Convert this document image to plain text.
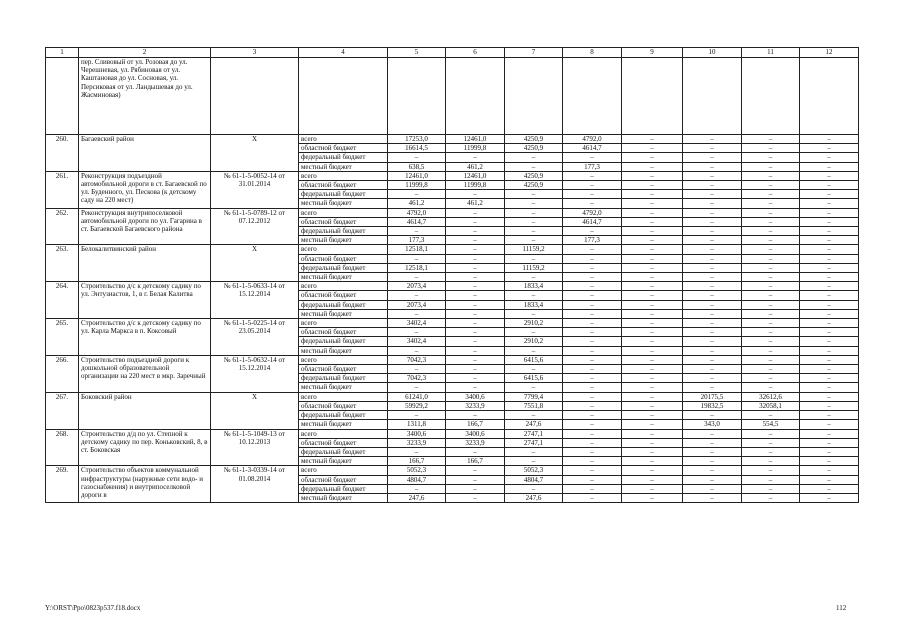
1	2	3	4	5	6	7	8	9	10	11	12
	пер. Сливовый от ул. Розовая до ул. Черешневая, ул. Рябиновая от ул. Каштановая до ул. Сосновая, ул. Персиковая от ул. Ландышевая до ул. Жасминовая)										
260.	Багаевский район	Х	всего	17253,0	12461,0	4250,9	4792,0	–	–	–	–
			областной бюджет	16614,5	11999,8	4250,9	4614,7	–	–	–	–
			федеральный бюджет	–	–	–	–	–	–	–	–
			местный бюджет	638,5	461,2	–	177,3	–	–	–	–
261.	Реконструкция подъездной автомобильной дороги в ст. Багаевской по ул. Буденного, ул. Пескова (к детскому саду на 220 мест)	№ 61-1-5-0052-14 от 31.01.2014	всего	12461,0	12461,0	4250,9	–	–	–	–	–
			областной бюджет	11999,8	11999,8	4250,9	–	–	–	–	–
			федеральный бюджет	–	–	–	–	–	–	–	–
			местный бюджет	461,2	461,2	–	–	–	–	–	–
262.	Реконструкция внутрипоселковой автомобильной дороги по ул. Гагарина в ст. Багаевской Багаевского района	№ 61-1-5-0789-12 от 07.12.2012	всего	4792,0	–	–	4792,0	–	–	–	–
			областной бюджет	4614,7	–	–	4614,7	–	–	–	–
			федеральный бюджет	–	–	–	–	–	–	–	–
			местный бюджет	177,3	–	–	177,3	–	–	–	–
263.	Белокалитвинский район	Х	всего	12518,1	–	11159,2	–	–	–	–	–
			областной бюджет	–	–	–	–	–	–	–	–
			федеральный бюджет	12518,1	–	11159,2	–	–	–	–	–
			местный бюджет	–	–	–	–	–	–	–	–
264.	Строительство д/с к детскому садику по ул. Энтузиастов, 1, в г. Белая Калитва	№ 61-1-5-0633-14 от 15.12.2014	всего	2073,4	–	1833,4	–	–	–	–	–
			областной бюджет	–	–	–	–	–	–	–	–
			федеральный бюджет	2073,4	–	1833,4	–	–	–	–	–
			местный бюджет	–	–	–	–	–	–	–	–
265.	Строительство д/с к детскому садику по ул. Карла Маркса в п. Коксовый	№ 61-1-5-0225-14 от 23.05.2014	всего	3402,4	–	2910,2	–	–	–	–	–
			областной бюджет	–	–	–	–	–	–	–	–
			федеральный бюджет	3402,4	–	2910,2	–	–	–	–	–
			местный бюджет	–	–	–	–	–	–	–	–
266.	Строительство подъездной дороги к дошкольной образовательной организации на 220 мест в мкр. Заречный	№ 61-1-5-0632-14 от 15.12.2014	всего	7042,3	–	6415,6	–	–	–	–	–
			областной бюджет	–	–	–	–	–	–	–	–
			федеральный бюджет	7042,3	–	6415,6	–	–	–	–	–
			местный бюджет	–	–	–	–	–	–	–	–
267.	Боковский район	Х	всего	61241,0	3400,6	7799,4	–	–	20175,5	32612,6	–
			областной бюджет	59929,2	3233,9	7551,8	–	–	19832,5	32058,1	–
			федеральный бюджет	–	–	–	–	–	–	–	–
			местный бюджет	1311,8	166,7	247,6	–	–	343,0	554,5	–
268.	Строительство д/д по ул. Степной к детскому садику по пер. Коньковский, 8, в ст. Боковская	№ 61-1-5-1049-13 от 10.12.2013	всего	3400,6	3400,6	2747,1	–	–	–	–	–
			областной бюджет	3233,9	3233,9	2747,1	–	–	–	–	–
			федеральный бюджет	–	–	–	–	–	–	–	–
			местный бюджет	166,7	166,7	–	–	–	–	–	–
269.	Строительство объектов коммунальной инфраструктуры (наружные сети водо- и газоснабжения) и внутрипоселковой дороги в	№ 61-1-3-0339-14 от 01.08.2014	всего	5052,3	–	5052,3	–	–	–	–	–
			областной бюджет	4804,7	–	4804,7	–	–	–	–	–
			федеральный бюджет	–	–	–	–	–	–	–	–
			местный бюджет	247,6	–	247,6	–	–	–	–	–
Y:\ORST\Ppo\0823p537.f18.docx	112
